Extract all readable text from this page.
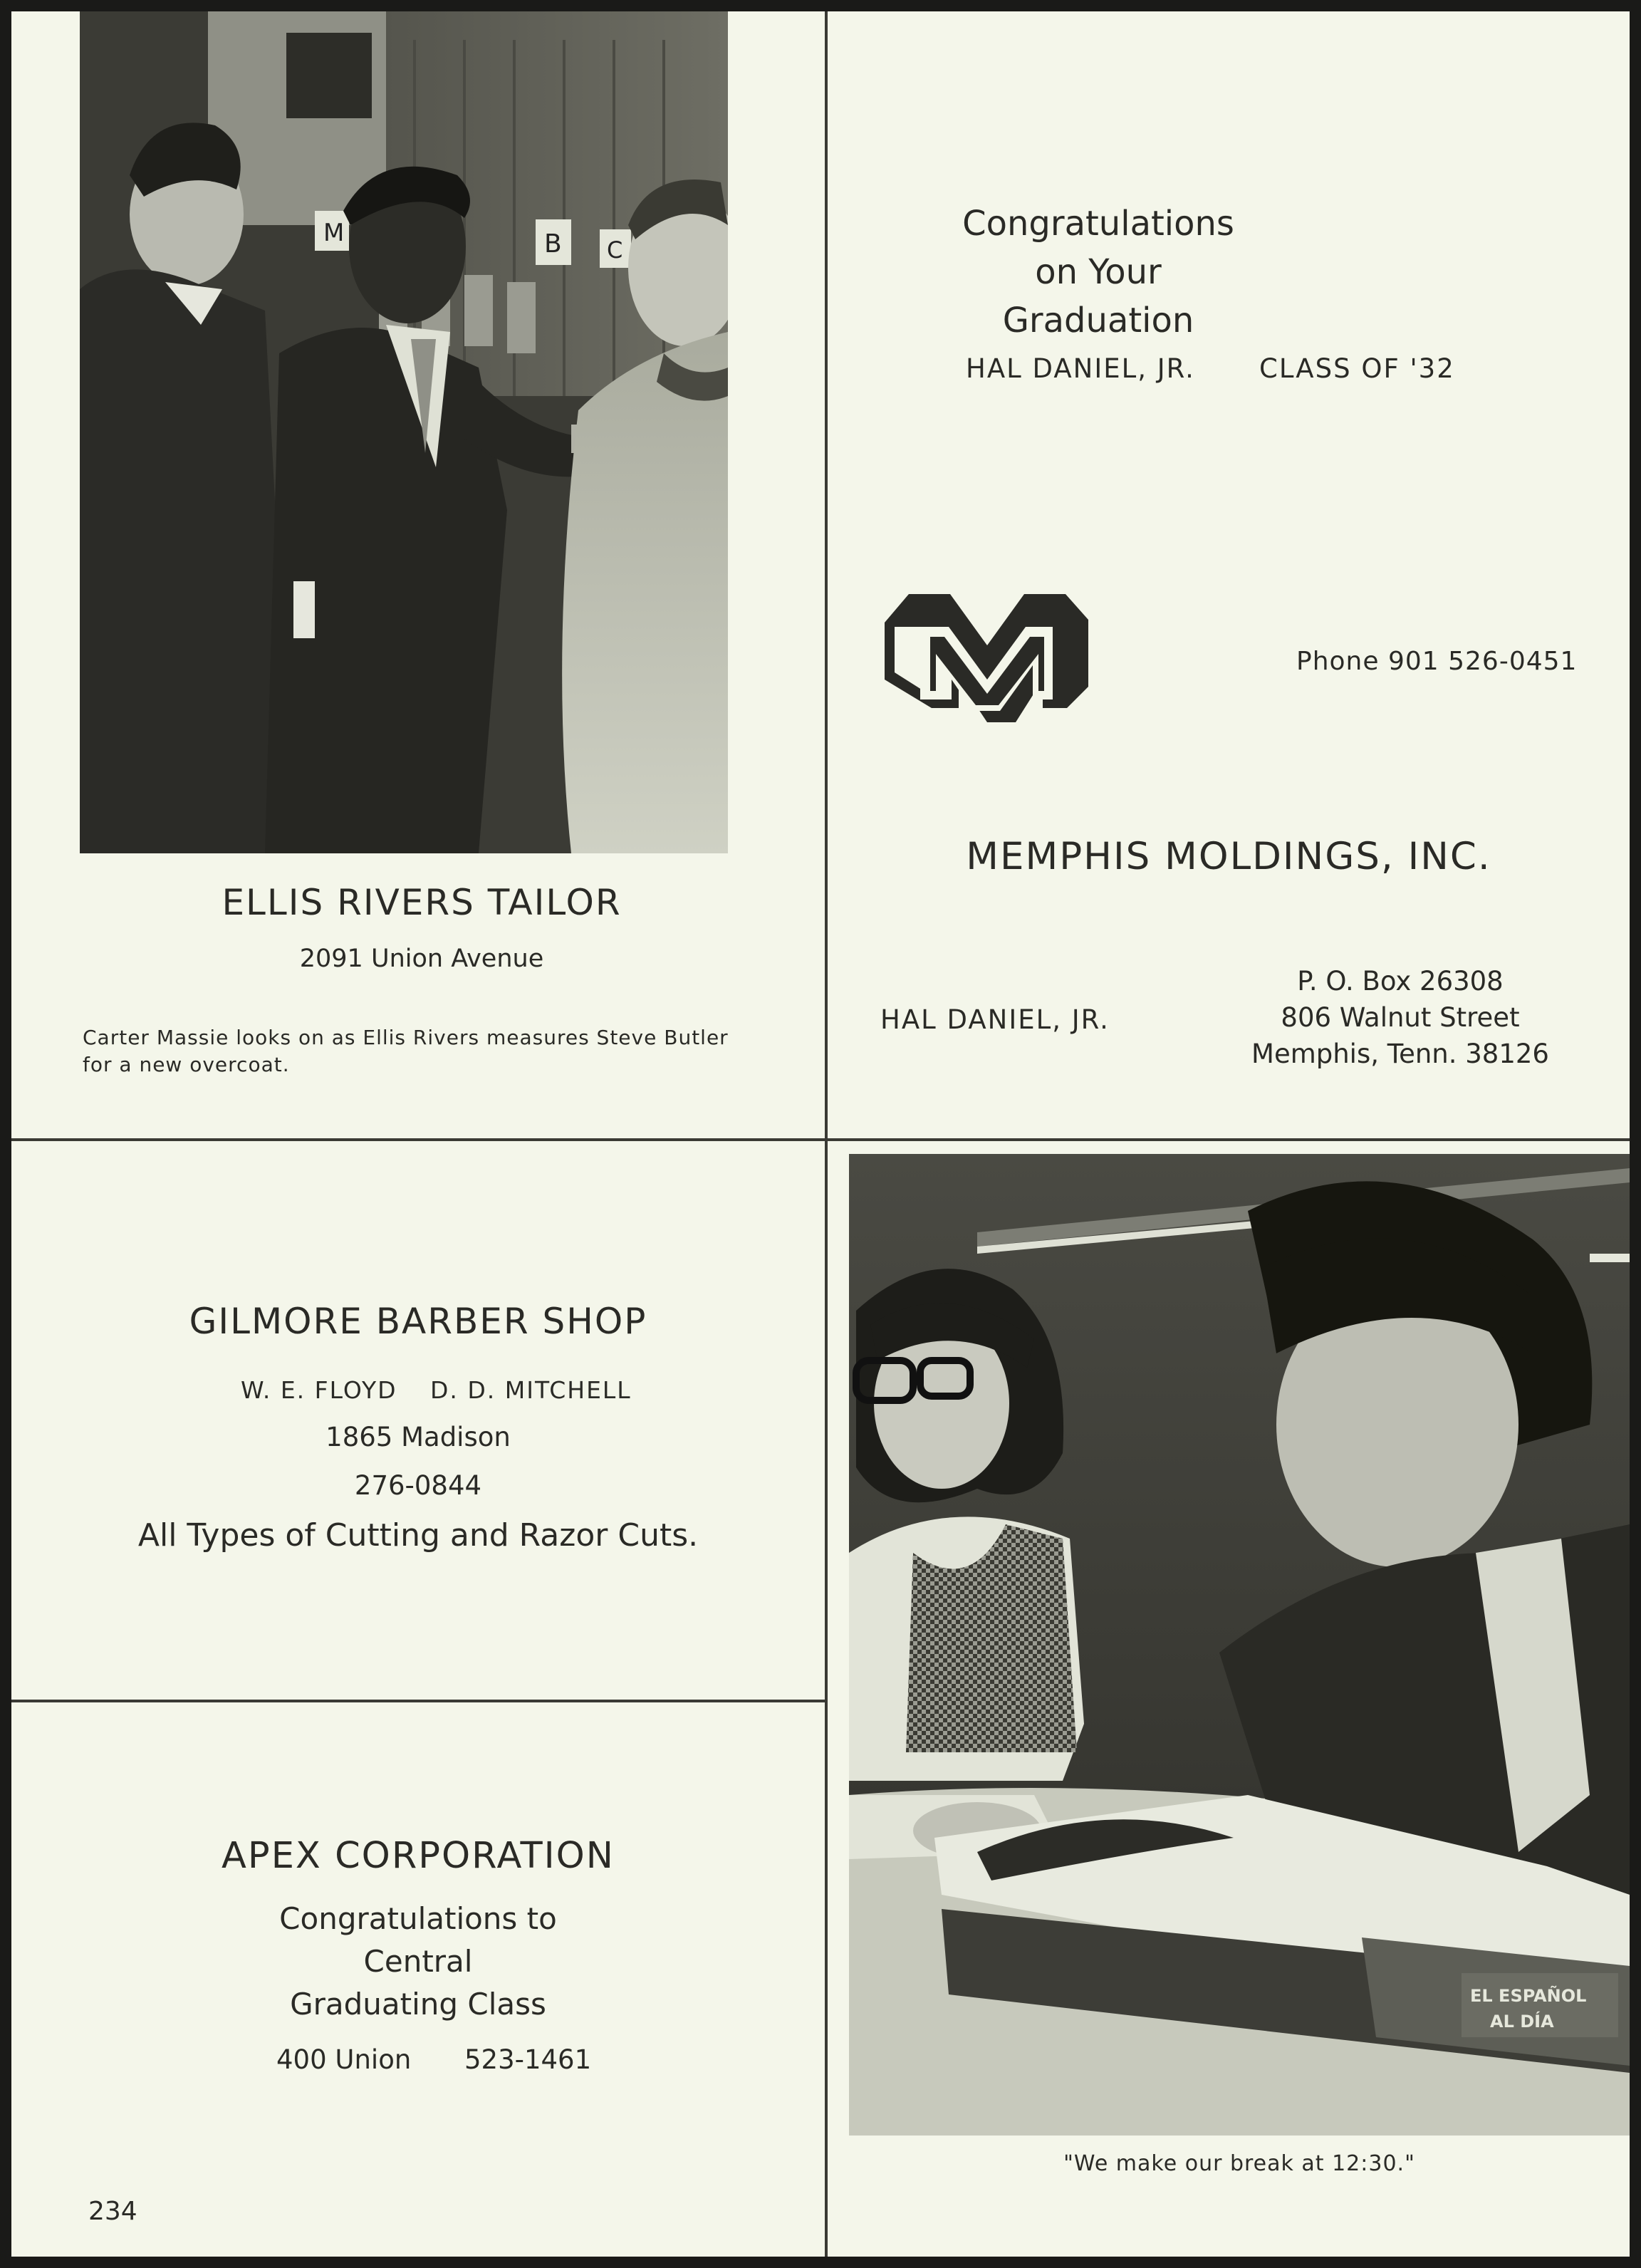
M	B C
ELLIS RIVERS TAILOR
2091 Union Avenue
Carter Massie looks on as Ellis Rivers measures Steve Butler for a new overcoat.
Congratulations
on Your
Graduation
HAL DANIEL, JR. CLASS OF '32
MM
Phone 901 526-0451
MEMPHIS MOLDINGS, INC.
HAL DANIEL, JR.
P. O. Box 26308
806 Walnut Street
Memphis, Tenn. 38126
GILMORE BARBER SHOP
W. E. FLOYD D. D. MITCHELL
1865 Madison
276-0844
All Types of Cutting and Razor Cuts.
APEX CORPORATION
Congratulations to
Central
Graduating Class
400 Union 523-1461
EL ESPAÑOL
AL DÍA
"We make our break at 12:30."
234
